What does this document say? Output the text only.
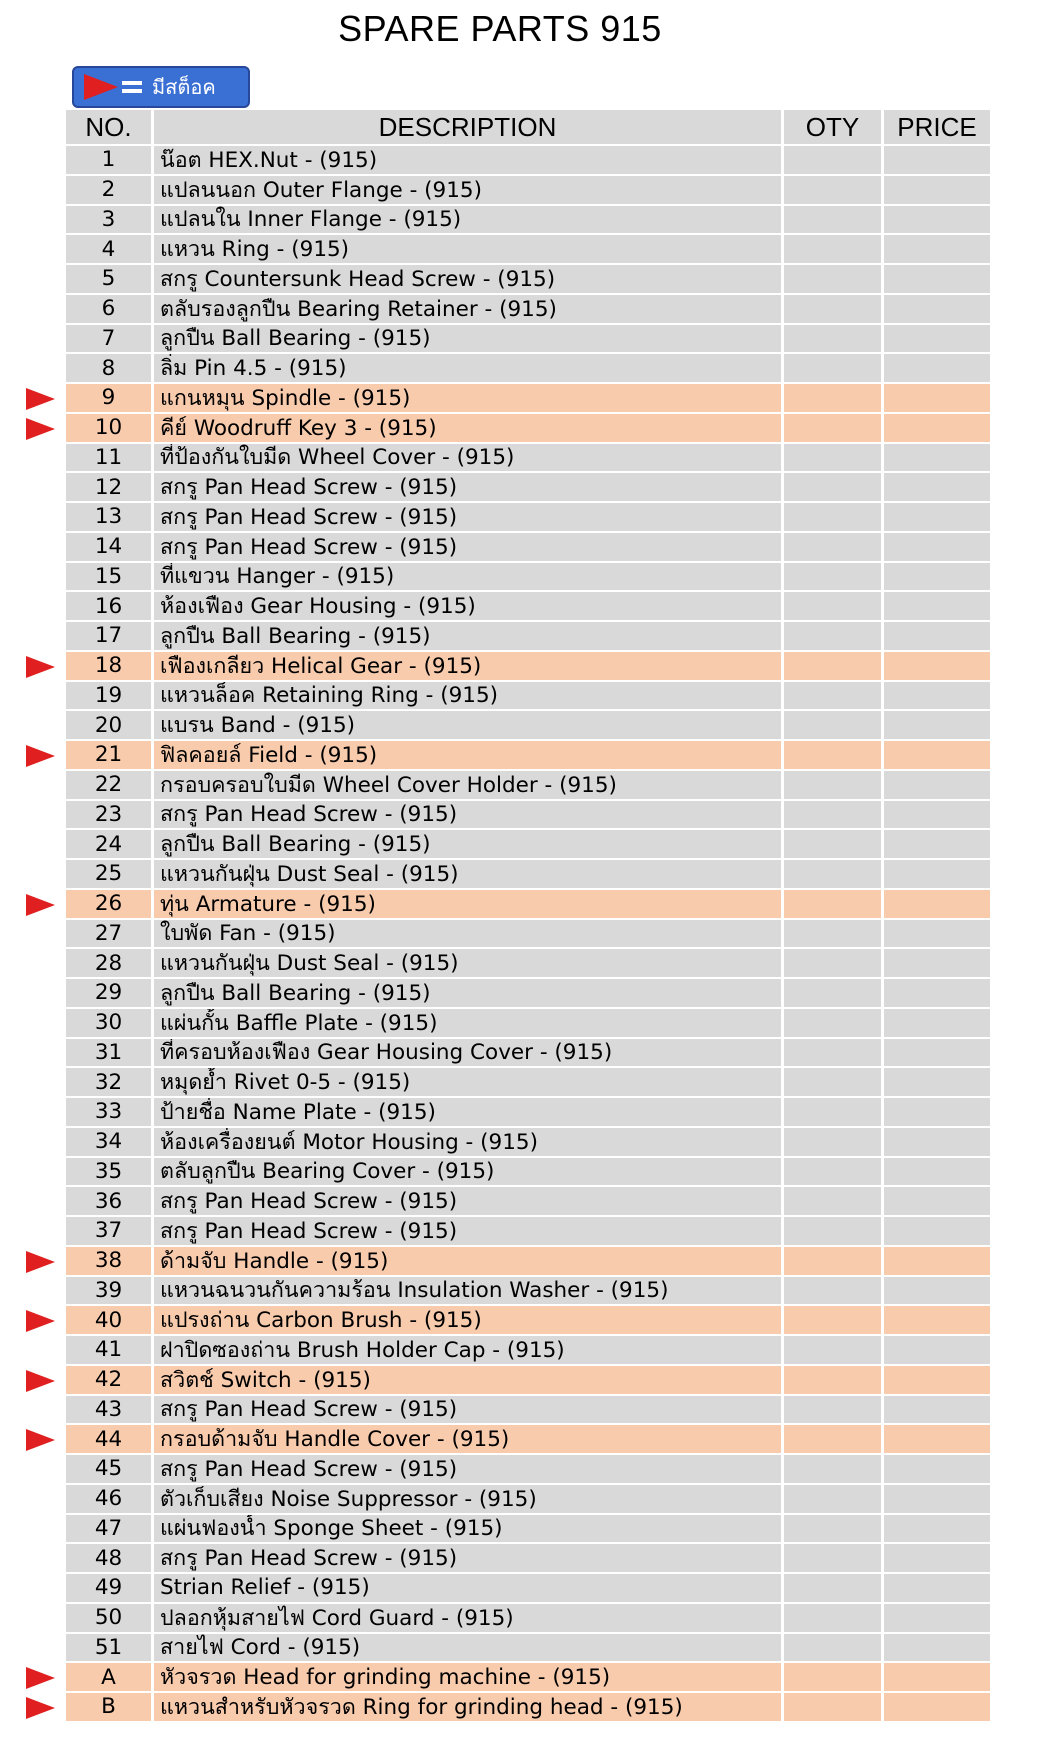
SPARE PARTS 915
มีสต็อค
NO.	DESCRIPTION	OTY	PRICE
1	น๊อต HEX.Nut - (915)
2	แปลนนอก Outer Flange - (915)
3	แปลนใน Inner Flange - (915)
4	แหวน Ring - (915)
5	สกรู Countersunk Head Screw - (915)
6	ตลับรองลูกปืน Bearing Retainer - (915)
7	ลูกปืน Ball Bearing - (915)
8	ลิ่ม Pin 4.5 - (915)
9	แกนหมุน Spindle - (915)
10	คีย์ Woodruff Key 3 - (915)
11	ที่ป้องกันใบมีด Wheel Cover - (915)
12	สกรู Pan Head Screw - (915)
13	สกรู Pan Head Screw - (915)
14	สกรู Pan Head Screw - (915)
15	ที่แขวน Hanger - (915)
16	ห้องเฟือง Gear Housing - (915)
17	ลูกปืน Ball Bearing - (915)
18	เฟืองเกลียว Helical Gear - (915)
19	แหวนล็อค Retaining Ring - (915)
20	แบรน Band - (915)
21	ฟิลคอยล์ Field - (915)
22	กรอบครอบใบมีด Wheel Cover Holder - (915)
23	สกรู Pan Head Screw - (915)
24	ลูกปืน Ball Bearing - (915)
25	แหวนกันฝุ่น Dust Seal - (915)
26	ทุ่น Armature - (915)
27	ใบพัด Fan - (915)
28	แหวนกันฝุ่น Dust Seal - (915)
29	ลูกปืน Ball Bearing - (915)
30	แผ่นกั้น Baffle Plate - (915)
31	ที่ครอบห้องเฟือง Gear Housing Cover - (915)
32	หมุดย้ำ Rivet 0-5 - (915)
33	ป้ายชื่อ Name Plate - (915)
34	ห้องเครื่องยนต์ Motor Housing - (915)
35	ตลับลูกปืน Bearing Cover - (915)
36	สกรู Pan Head Screw - (915)
37	สกรู Pan Head Screw - (915)
38	ด้ามจับ Handle - (915)
39	แหวนฉนวนกันความร้อน Insulation Washer - (915)
40	แปรงถ่าน Carbon Brush - (915)
41	ฝาปิดซองถ่าน Brush Holder Cap - (915)
42	สวิตช์ Switch - (915)
43	สกรู Pan Head Screw - (915)
44	กรอบด้ามจับ Handle Cover - (915)
45	สกรู Pan Head Screw - (915)
46	ตัวเก็บเสียง Noise Suppressor - (915)
47	แผ่นฟองน้ำ Sponge Sheet - (915)
48	สกรู Pan Head Screw - (915)
49	Strian Relief - (915)
50	ปลอกหุ้มสายไฟ Cord Guard - (915)
51	สายไฟ Cord - (915)
A	หัวจรวด Head for grinding machine - (915)
B	แหวนสำหรับหัวจรวด Ring for grinding head - (915)
